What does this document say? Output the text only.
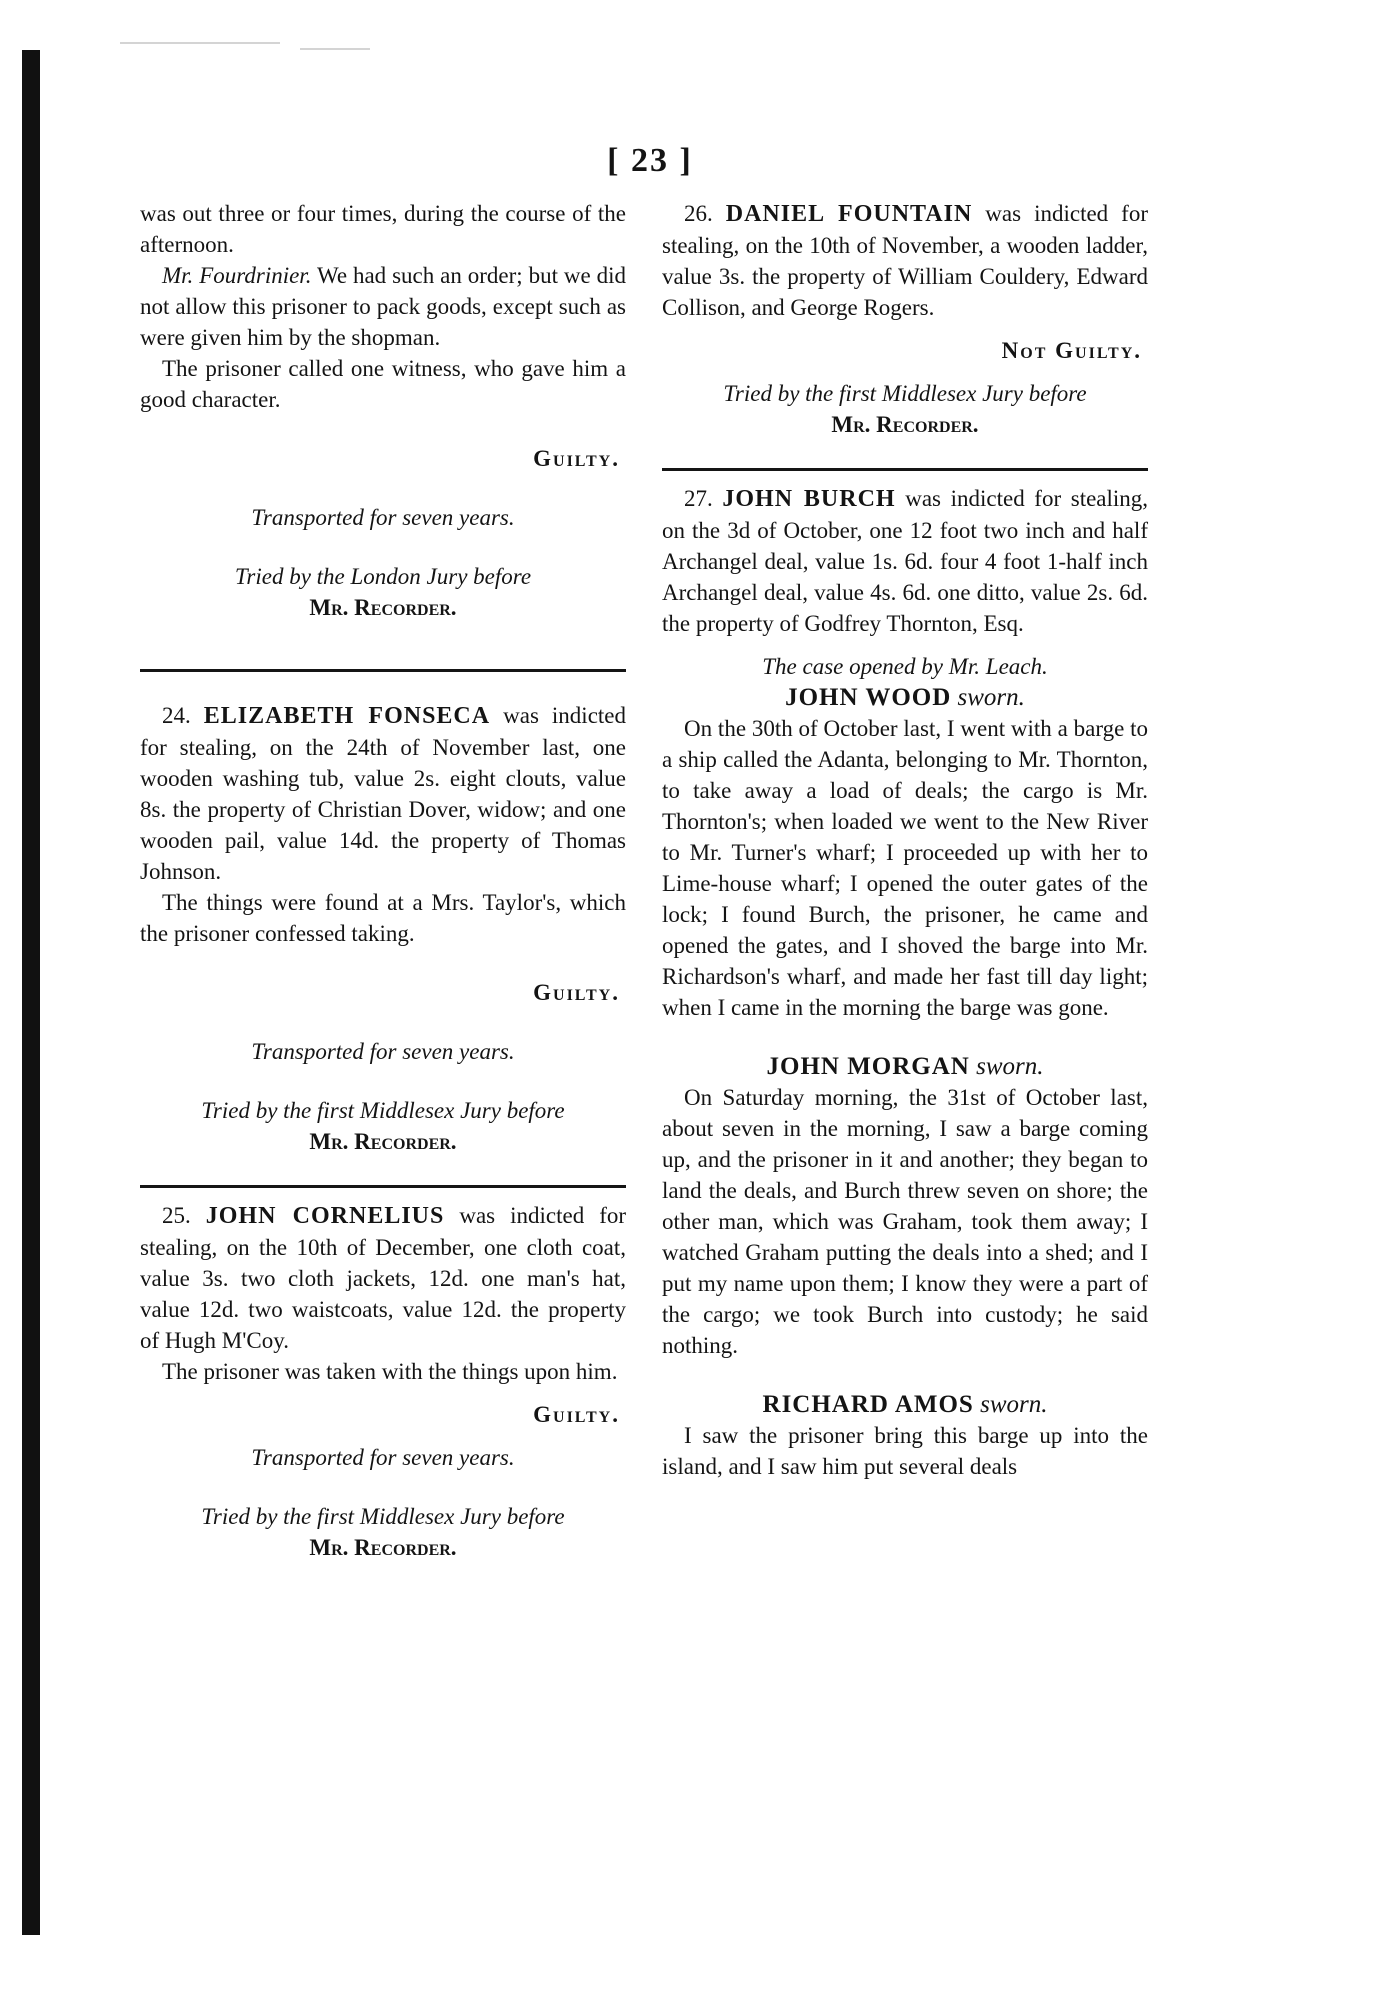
[ 23 ]

was out three or four times, during the course of the afternoon.

Mr. Fourdrinier. We had such an order; but we did not allow this prisoner to pack goods, except such as were given him by the shopman.

The prisoner called one witness, who gave him a good character.

Guilty.

Transported for seven years.

Tried by the London Jury before

Mr. Recorder.

24. ELIZABETH FONSECA was indicted for stealing, on the 24th of November last, one wooden washing tub, value 2s. eight clouts, value 8s. the property of Christian Dover, widow; and one wooden pail, value 14d. the property of Thomas Johnson.

The things were found at a Mrs. Taylor's, which the prisoner confessed taking.

Guilty.

Transported for seven years.

Tried by the first Middlesex Jury before

Mr. Recorder.

25. JOHN CORNELIUS was indicted for stealing, on the 10th of December, one cloth coat, value 3s. two cloth jackets, 12d. one man's hat, value 12d. two waistcoats, value 12d. the property of Hugh M'Coy.

The prisoner was taken with the things upon him.

Guilty.

Transported for seven years.

Tried by the first Middlesex Jury before

Mr. Recorder.

26. DANIEL FOUNTAIN was indicted for stealing, on the 10th of November, a wooden ladder, value 3s. the property of William Couldery, Edward Collison, and George Rogers.

Not Guilty.

Tried by the first Middlesex Jury before

Mr. Recorder.

27. JOHN BURCH was indicted for stealing, on the 3d of October, one 12 foot two inch and half Archangel deal, value 1s. 6d. four 4 foot 1-half inch Archangel deal, value 4s. 6d. one ditto, value 2s. 6d. the property of Godfrey Thornton, Esq.

The case opened by Mr. Leach.

JOHN WOOD sworn.

On the 30th of October last, I went with a barge to a ship called the Adanta, belonging to Mr. Thornton, to take away a load of deals; the cargo is Mr. Thornton's; when loaded we went to the New River to Mr. Turner's wharf; I proceeded up with her to Lime-house wharf; I opened the outer gates of the lock; I found Burch, the prisoner, he came and opened the gates, and I shoved the barge into Mr. Richardson's wharf, and made her fast till day light; when I came in the morning the barge was gone.

JOHN MORGAN sworn.

On Saturday morning, the 31st of October last, about seven in the morning, I saw a barge coming up, and the prisoner in it and another; they began to land the deals, and Burch threw seven on shore; the other man, which was Graham, took them away; I watched Graham putting the deals into a shed; and I put my name upon them; I know they were a part of the cargo; we took Burch into custody; he said nothing.

RICHARD AMOS sworn.

I saw the prisoner bring this barge up into the island, and I saw him put several deals
